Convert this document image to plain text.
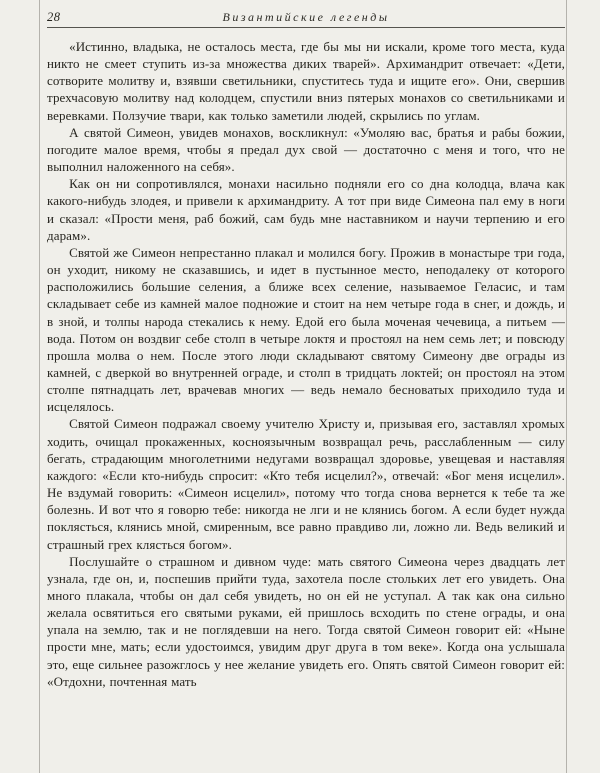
28	Византийские легенды

«Истинно, владыка, не осталось места, где бы мы ни искали, кроме того места, куда никто не смеет ступить из-за множества диких тварей». Архимандрит отвечает: «Дети, сотворите молитву и, взявши светильники, спуститесь туда и ищите его». Они, свершив трехчасовую молитву над колодцем, спустили вниз пятерых монахов со светильниками и веревками. Ползучие твари, как только заметили людей, скрылись по углам.

А святой Симеон, увидев монахов, воскликнул: «Умоляю вас, братья и рабы божии, погодите малое время, чтобы я предал дух свой — достаточно с меня и того, что не выполнил наложенного на себя».

Как он ни сопротивлялся, монахи насильно подняли его со дна колодца, влача как какого-нибудь злодея, и привели к архимандриту. А тот при виде Симеона пал ему в ноги и сказал: «Прости меня, раб божий, сам будь мне наставником и научи терпению и его дарам».

Святой же Симеон непрестанно плакал и молился богу. Прожив в монастыре три года, он уходит, никому не сказавшись, и идет в пустынное место, неподалеку от которого расположились большие селения, а ближе всех селение, называемое Геласис, и там складывает себе из камней малое подножие и стоит на нем четыре года в снег, и дождь, и в зной, и толпы народа стекались к нему. Едой его была моченая чечевица, а питьем — вода. Потом он воздвиг себе столп в четыре локтя и простоял на нем семь лет; и повсюду прошла молва о нем. После этого люди складывают святому Симеону две ограды из камней, с дверкой во внутренней ограде, и столп в тридцать локтей; он простоял на этом столпе пятнадцать лет, врачевав многих — ведь немало бесноватых приходило туда и исцелялось.

Святой Симеон подражал своему учителю Христу и, призывая его, заставлял хромых ходить, очищал прокаженных, косноязычным возвращал речь, расслабленным — силу бегать, страдающим многолетними недугами возвращал здоровье, увещевая и наставляя каждого: «Если кто-нибудь спросит: «Кто тебя исцелил?», отвечай: «Бог меня исцелил». Не вздумай говорить: «Симеон исцелил», потому что тогда снова вернется к тебе та же болезнь. И вот что я говорю тебе: никогда не лги и не клянись богом. А если будет нужда поклясться, клянись мной, смиренным, все равно правдиво ли, ложно ли. Ведь великий и страшный грех клясться богом».

Послушайте о страшном и дивном чуде: мать святого Симеона через двадцать лет узнала, где он, и, поспешив прийти туда, захотела после стольких лет его увидеть. Она много плакала, чтобы он дал себя увидеть, но он ей не уступал. А так как она сильно желала освятиться его святыми руками, ей пришлось всходить по стене ограды, и она упала на землю, так и не поглядевши на него. Тогда святой Симеон говорит ей: «Ныне прости мне, мать; если удостоимся, увидим друг друга в том веке». Когда она услышала это, еще сильнее разожглось у нее желание увидеть его. Опять святой Симеон говорит ей: «Отдохни, почтенная мать
